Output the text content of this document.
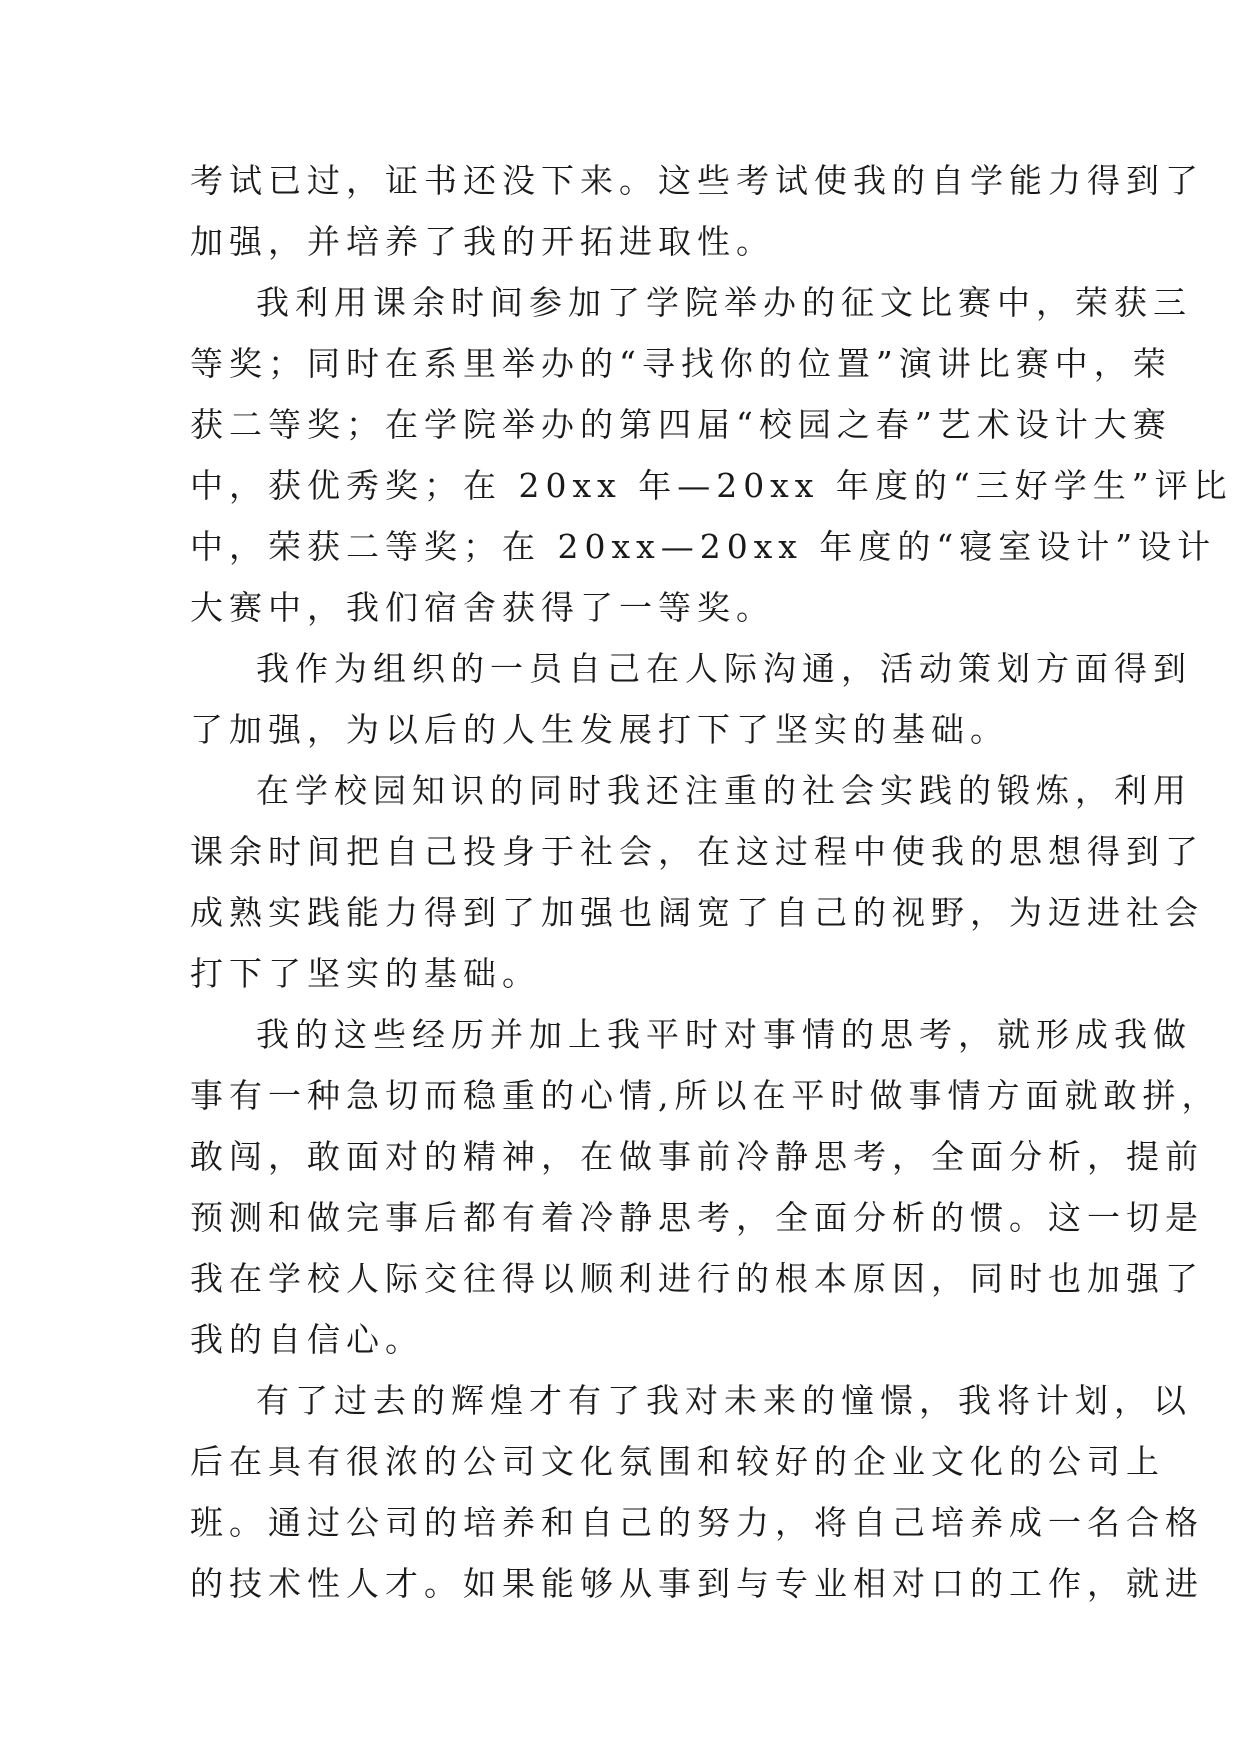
考试已过，证书还没下来。这些考试使我的自学能力得到了
加强，并培养了我的开拓进取性。
我利用课余时间参加了学院举办的征文比赛中，荣获三
等奖；同时在系里举办的“寻找你的位置”演讲比赛中，荣
获二等奖；在学院举办的第四届“校园之春”艺术设计大赛
中，获优秀奖；在 20xx 年—20xx 年度的“三好学生”评比
中，荣获二等奖；在 20xx—20xx 年度的“寝室设计”设计
大赛中，我们宿舍获得了一等奖。
我作为组织的一员自己在人际沟通，活动策划方面得到
了加强，为以后的人生发展打下了坚实的基础。
在学校园知识的同时我还注重的社会实践的锻炼，利用
课余时间把自己投身于社会，在这过程中使我的思想得到了
成熟实践能力得到了加强也阔宽了自己的视野，为迈进社会
打下了坚实的基础。
我的这些经历并加上我平时对事情的思考，就形成我做
事有一种急切而稳重的心情,所以在平时做事情方面就敢拼，
敢闯，敢面对的精神，在做事前冷静思考，全面分析，提前
预测和做完事后都有着冷静思考，全面分析的惯。这一切是
我在学校人际交往得以顺利进行的根本原因，同时也加强了
我的自信心。
有了过去的辉煌才有了我对未来的憧憬，我将计划，以
后在具有很浓的公司文化氛围和较好的企业文化的公司上
班。通过公司的培养和自己的努力，将自己培养成一名合格
的技术性人才。如果能够从事到与专业相对口的工作，就进
